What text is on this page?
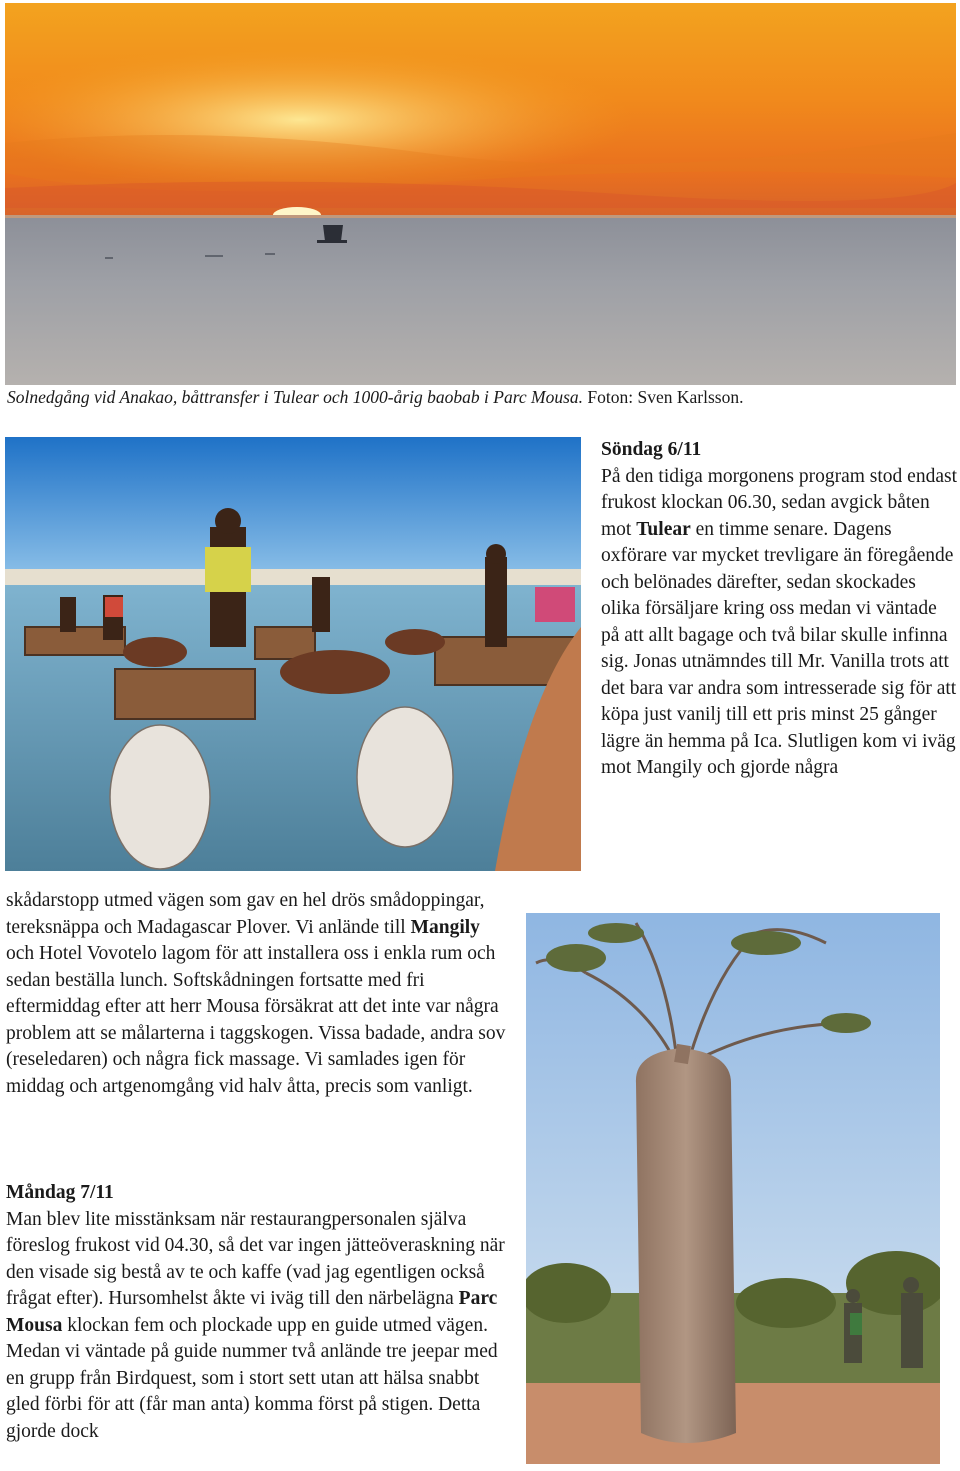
Solnedgång vid Anakao, båttransfer i Tulear och 1000-årig baobab i Parc Mousa. Foton: Sven Karlsson.

Söndag 6/11

På den tidiga morgonens program stod endast frukost klockan 06.30, sedan avgick båten mot Tulear en timme senare. Dagens oxförare var mycket trevligare än föregående och belönades därefter, sedan skockades olika försäljare kring oss medan vi väntade på att allt bagage och två bilar skulle infinna sig. Jonas utnämndes till Mr. Vanilla trots att det bara var andra som intresserade sig för att köpa just vanilj till ett pris minst 25 gånger lägre än hemma på Ica. Slutligen kom vi iväg mot Mangily och gjorde några

skådarstopp utmed vägen som gav en hel drös smådoppingar, tereksnäppa och Madagascar Plover. Vi anlände till Mangily och Hotel Vovotelo lagom för att installera oss i enkla rum och sedan beställa lunch. Softskådningen fortsatte med fri eftermiddag efter att herr Mousa försäkrat att det inte var några problem att se målarterna i taggskogen. Vissa badade, andra sov (reseledaren) och några fick massage. Vi samlades igen för middag och artgenomgång vid halv åtta, precis som vanligt.

Måndag 7/11

Man blev lite misstänksam när restaurangpersonalen själva föreslog frukost vid 04.30, så det var ingen jätteöveraskning när den visade sig bestå av te och kaffe (vad jag egentligen också frågat efter). Hursomhelst åkte vi iväg till den närbelägna Parc Mousa klockan fem och plockade upp en guide utmed vägen. Medan vi väntade på guide nummer två anlände tre jeepar med en grupp från Birdquest, som i stort sett utan att hälsa snabbt gled förbi för att (får man anta) komma först på stigen. Detta gjorde dock
